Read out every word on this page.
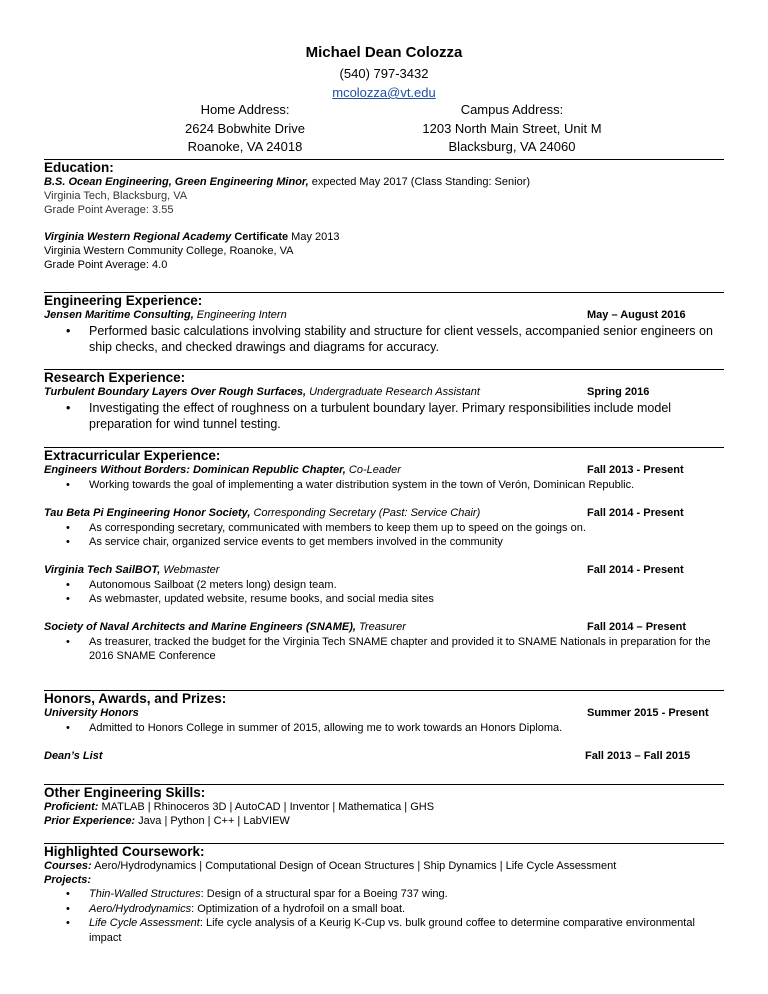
Michael Dean Colozza
(540) 797-3432
mcolozza@vt.edu
Home Address:
2624 Bobwhite Drive
Roanoke, VA 24018
Campus Address:
1203 North Main Street, Unit M
Blacksburg, VA 24060
Education:
B.S. Ocean Engineering, Green Engineering Minor, expected May 2017 (Class Standing: Senior)
Virginia Tech, Blacksburg, VA
Grade Point Average: 3.55
Virginia Western Regional Academy Certificate May 2013
Virginia Western Community College, Roanoke, VA
Grade Point Average: 4.0
Engineering Experience:
Jensen Maritime Consulting, Engineering Intern	May – August 2016
• Performed basic calculations involving stability and structure for client vessels, accompanied senior engineers on ship checks, and checked drawings and diagrams for accuracy.
Research Experience:
Turbulent Boundary Layers Over Rough Surfaces, Undergraduate Research Assistant	Spring 2016
• Investigating the effect of roughness on a turbulent boundary layer. Primary responsibilities include model preparation for wind tunnel testing.
Extracurricular Experience:
Engineers Without Borders: Dominican Republic Chapter, Co-Leader	Fall 2013 - Present
• Working towards the goal of implementing a water distribution system in the town of Verón, Dominican Republic.
Tau Beta Pi Engineering Honor Society, Corresponding Secretary (Past: Service Chair)	Fall 2014 - Present
• As corresponding secretary, communicated with members to keep them up to speed on the goings on.
• As service chair, organized service events to get members involved in the community
Virginia Tech SailBOT, Webmaster	Fall 2014 - Present
• Autonomous Sailboat (2 meters long) design team.
• As webmaster, updated website, resume books, and social media sites
Society of Naval Architects and Marine Engineers (SNAME), Treasurer	Fall 2014 – Present
• As treasurer, tracked the budget for the Virginia Tech SNAME chapter and provided it to SNAME Nationals in preparation for the 2016 SNAME Conference
Honors, Awards, and Prizes:
University Honors	Summer 2015 - Present
• Admitted to Honors College in summer of 2015, allowing me to work towards an Honors Diploma.
Dean’s List	Fall 2013 – Fall 2015
Other Engineering Skills:
Proficient: MATLAB | Rhinoceros 3D | AutoCAD | Inventor | Mathematica | GHS
Prior Experience: Java | Python | C++ | LabVIEW
Highlighted Coursework:
Courses: Aero/Hydrodynamics | Computational Design of Ocean Structures | Ship Dynamics | Life Cycle Assessment
Projects:
• Thin-Walled Structures: Design of a structural spar for a Boeing 737 wing.
• Aero/Hydrodynamics: Optimization of a hydrofoil on a small boat.
• Life Cycle Assessment: Life cycle analysis of a Keurig K-Cup vs. bulk ground coffee to determine comparative environmental impact
